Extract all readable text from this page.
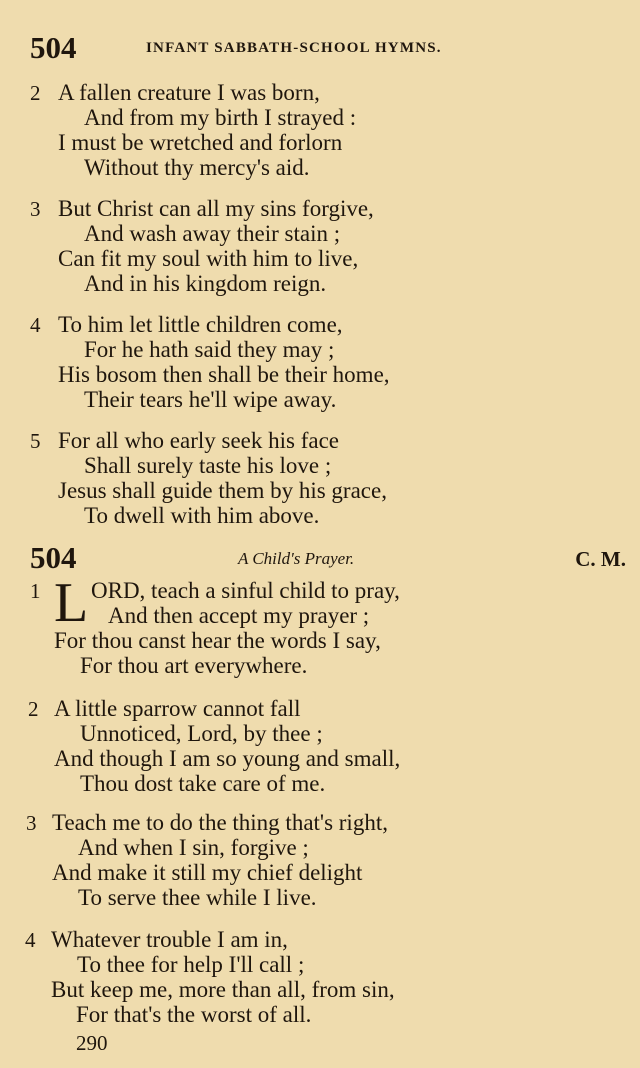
504	INFANT SABBATH-SCHOOL HYMNS.
2 A fallen creature I was born,
And from my birth I strayed :
I must be wretched and forlorn
Without thy mercy's aid.
3 But Christ can all my sins forgive,
And wash away their stain ;
Can fit my soul with him to live,
And in his kingdom reign.
4 To him let little children come,
For he hath said they may ;
His bosom then shall be their home,
Their tears he'll wipe away.
5 For all who early seek his face
Shall surely taste his love ;
Jesus shall guide them by his grace,
To dwell with him above.
504	A Child's Prayer.	C. M.
1 ORD, teach a sinful child to pray,
And then accept my prayer ;
For thou canst hear the words I say,
For thou art everywhere.
L
2 A little sparrow cannot fall
Unnoticed, Lord, by thee ;
And though I am so young and small,
Thou dost take care of me.
3 Teach me to do the thing that's right,
And when I sin, forgive ;
And make it still my chief delight
To serve thee while I live.
4 Whatever trouble I am in,
To thee for help I'll call ;
But keep me, more than all, from sin,
For that's the worst of all.
290
